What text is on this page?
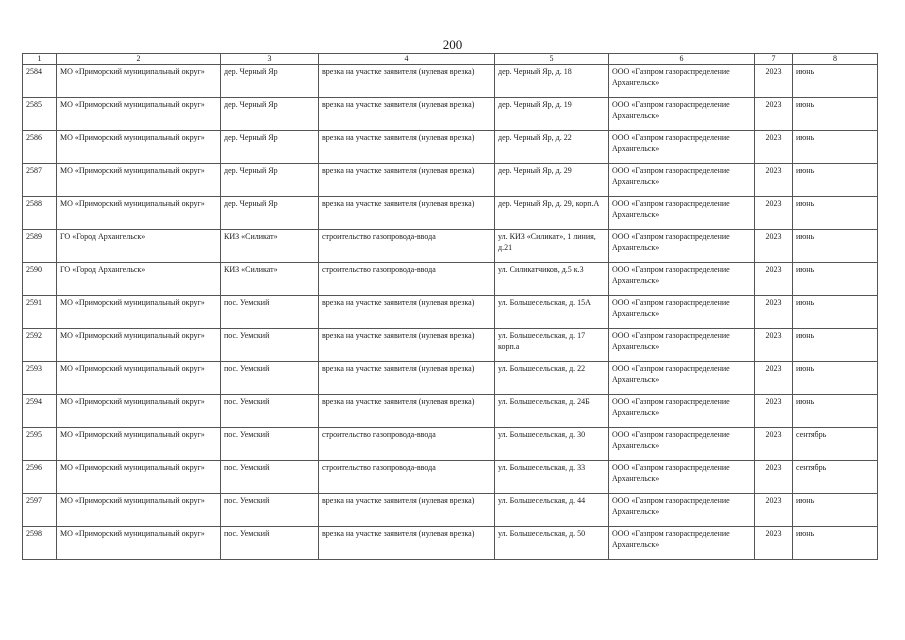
200
1	2	3	4	5	6	7	8
2584	МО «Приморский муниципальный округ»	дер. Черный Яр	врезка на участке заявителя (нулевая врезка)	дер. Черный Яр, д. 18	ООО «Газпром газораспределение Архангельск»	2023	июнь
2585	МО «Приморский муниципальный округ»	дер. Черный Яр	врезка на участке заявителя (нулевая врезка)	дер. Черный Яр, д. 19	ООО «Газпром газораспределение Архангельск»	2023	июнь
2586	МО «Приморский муниципальный округ»	дер. Черный Яр	врезка на участке заявителя (нулевая врезка)	дер. Черный Яр, д. 22	ООО «Газпром газораспределение Архангельск»	2023	июнь
2587	МО «Приморский муниципальный округ»	дер. Черный Яр	врезка на участке заявителя (нулевая врезка)	дер. Черный Яр, д. 29	ООО «Газпром газораспределение Архангельск»	2023	июнь
2588	МО «Приморский муниципальный округ»	дер. Черный Яр	врезка на участке заявителя (нулевая врезка)	дер. Черный Яр, д. 29, корп.А	ООО «Газпром газораспределение Архангельск»	2023	июнь
2589	ГО «Город Архангельск»	КИЗ «Силикат»	строительство газопровода-ввода	ул. КИЗ «Силикат», 1 линия, д.21	ООО «Газпром газораспределение Архангельск»	2023	июнь
2590	ГО «Город Архангельск»	КИЗ «Силикат»	строительство газопровода-ввода	ул. Силикатчиков, д.5 к.3	ООО «Газпром газораспределение Архангельск»	2023	июнь
2591	МО «Приморский муниципальный округ»	пос. Уемский	врезка на участке заявителя (нулевая врезка)	ул. Большесельская, д. 15А	ООО «Газпром газораспределение Архангельск»	2023	июнь
2592	МО «Приморский муниципальный округ»	пос. Уемский	врезка на участке заявителя (нулевая врезка)	ул. Большесельская, д. 17 корп.а	ООО «Газпром газораспределение Архангельск»	2023	июнь
2593	МО «Приморский муниципальный округ»	пос. Уемский	врезка на участке заявителя (нулевая врезка)	ул. Большесельская, д. 22	ООО «Газпром газораспределение Архангельск»	2023	июнь
2594	МО «Приморский муниципальный округ»	пос. Уемский	врезка на участке заявителя (нулевая врезка)	ул. Большесельская, д. 24Б	ООО «Газпром газораспределение Архангельск»	2023	июнь
2595	МО «Приморский муниципальный округ»	пос. Уемский	строительство газопровода-ввода	ул. Большесельская, д. 30	ООО «Газпром газораспределение Архангельск»	2023	сентябрь
2596	МО «Приморский муниципальный округ»	пос. Уемский	строительство газопровода-ввода	ул. Большесельская, д. 33	ООО «Газпром газораспределение Архангельск»	2023	сентябрь
2597	МО «Приморский муниципальный округ»	пос. Уемский	врезка на участке заявителя (нулевая врезка)	ул. Большесельская, д. 44	ООО «Газпром газораспределение Архангельск»	2023	июнь
2598	МО «Приморский муниципальный округ»	пос. Уемский	врезка на участке заявителя (нулевая врезка)	ул. Большесельская, д. 50	ООО «Газпром газораспределение Архангельск»	2023	июнь
